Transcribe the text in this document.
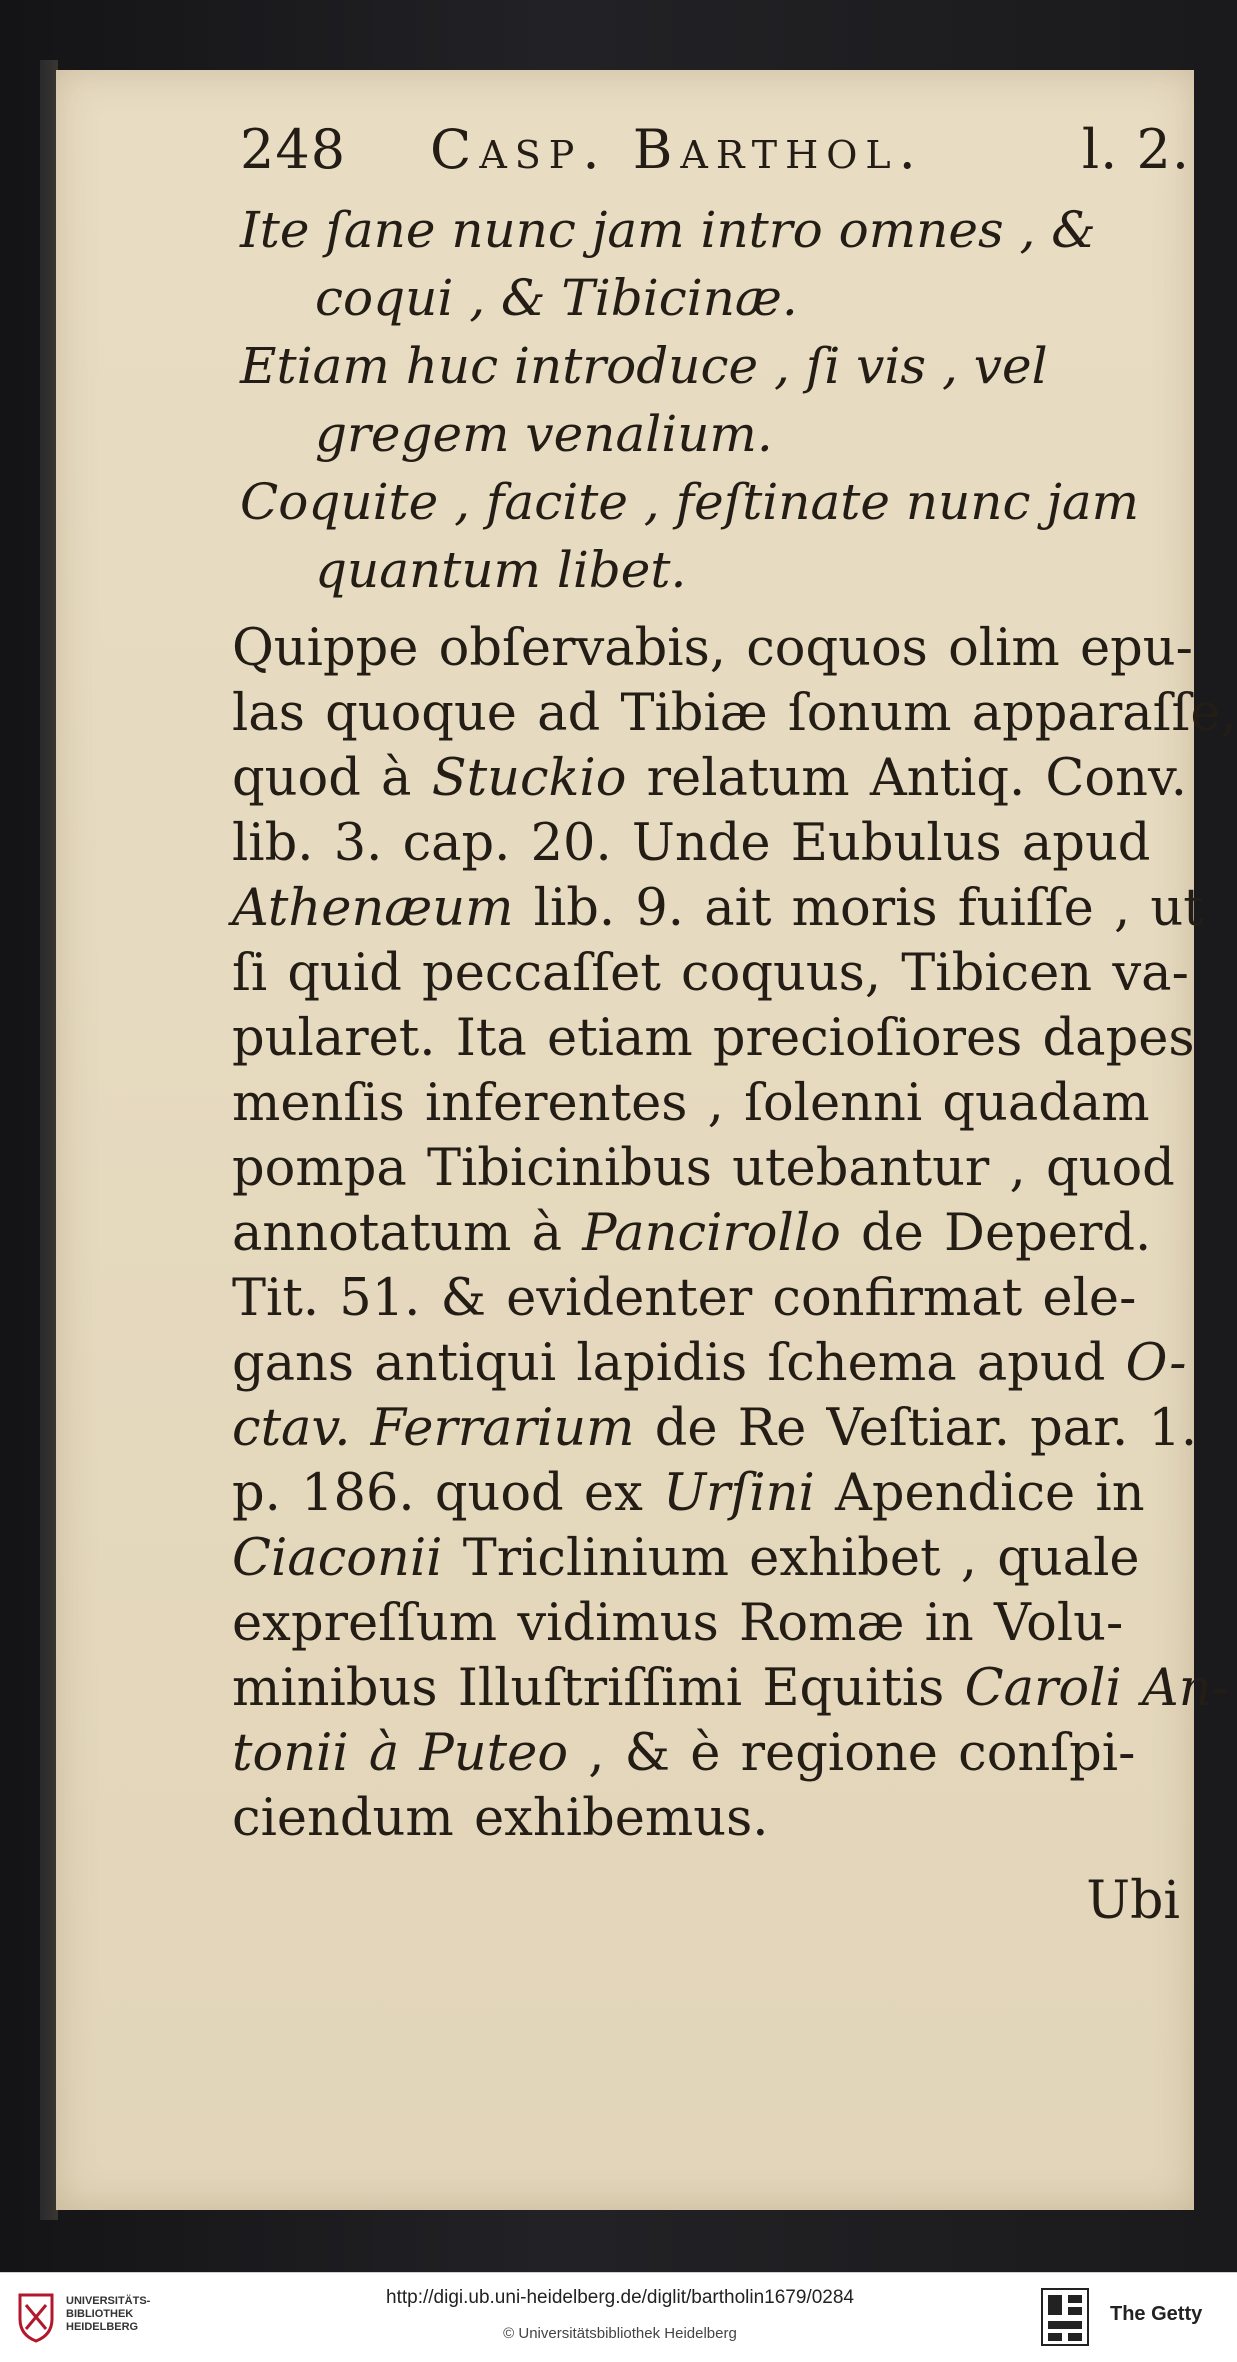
248	Casp. Barthol.	l. 2.
Ite ſane nunc jam intro omnes , &
coqui , & Tibicinæ.
Etiam huc introduce , ſi vis , vel
gregem venalium.
Coquite , facite , feſtinate nunc jam
quantum libet.
Quippe obſervabis, coquos olim epu-
las quoque ad Tibiæ ſonum apparaſſe,
quod à Stuckio relatum Antiq. Conv.
lib. 3. cap. 20. Unde Eubulus apud
Athenæum lib. 9. ait moris fuiſſe , ut
ſi quid peccaſſet coquus, Tibicen va-
pularet. Ita etiam precioſiores dapes
menſis inferentes , ſolenni quadam
pompa Tibicinibus utebantur , quod
annotatum à Pancirollo de Deperd.
Tit. 51. & evidenter confirmat ele-
gans antiqui lapidis ſchema apud O-
ctav. Ferrarium de Re Veſtiar. par. 1.
p. 186. quod ex Urſini Apendice in
Ciaconii Triclinium exhibet , quale
expreſſum vidimus Romæ in Volu-
minibus Illuſtriſſimi Equitis Caroli An-
tonii à Puteo , & è regione conſpi-
ciendum exhibemus.
Ubi
UNIVERSITÄTS-
BIBLIOTHEK
HEIDELBERG
http://digi.ub.uni-heidelberg.de/diglit/bartholin1679/0284
© Universitätsbibliothek Heidelberg
The Getty
